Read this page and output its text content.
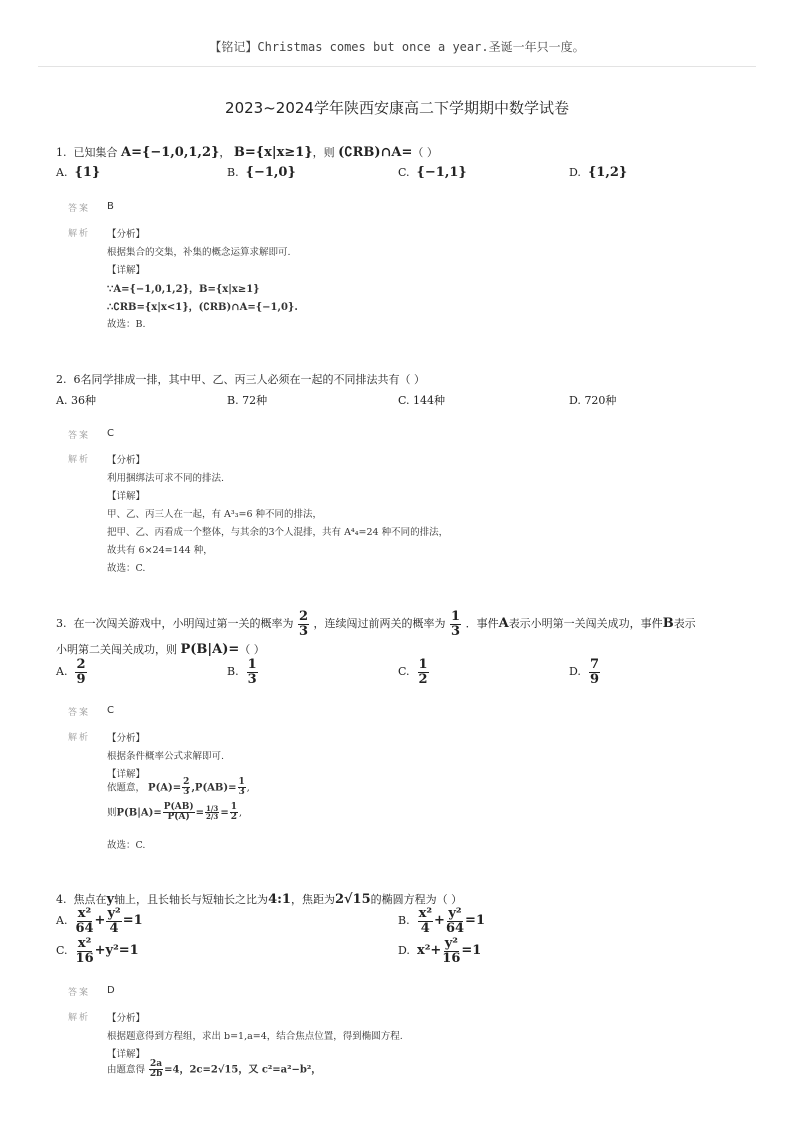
【铭记】Christmas comes but once a year.圣诞一年只一度。
2023~2024学年陕西安康高二下学期期中数学试卷
1. 已知集合 A={−1,0,1,2}， B={x|x≥1}，则 (∁RB)∩A=（ ）
A. {1}	B. {−1,0}	C. {−1,1}	D. {1,2}
答案 B
解析 【分析】
根据集合的交集，补集的概念运算求解即可.
【详解】
∵A={−1,0,1,2}，B={x|x≥1}
∴∁RB={x|x<1}，(∁RB)∩A={−1,0}.
故选：B.
2. 6名同学排成一排，其中甲、乙、丙三人必须在一起的不同排法共有（ ）
A. 36种	B. 72种	C. 144种	D. 720种
答案 C
解析 【分析】
利用捆绑法可求不同的排法.
【详解】
甲、乙、丙三人在一起，有 A³₃=6 种不同的排法，
把甲、乙、丙看成一个整体，与其余的3个人混排，共有 A⁴₄=24 种不同的排法，
故共有 6×24=144 种，
故选：C.
3. 在一次闯关游戏中，小明闯过第一关的概率为 $\frac{2}{3}$ ，连续闯过前两关的概率为 $\frac{1}{3}$ ．事件A表示小明第一关闯关成功，事件B表示
小明第二关闯关成功，则 P(B|A)=（ ）
A. $\frac{2}{9}$	B. $\frac{1}{3}$	C. $\frac{1}{2}$	D. $\frac{7}{9}$
答案 C
解析 【分析】
根据条件概率公式求解即可.
【详解】
依题意， $P(A)= \frac{2}{3} ,P(AB)= \frac{1}{3}$ ,
则$P(B|A)= \frac{P(AB)}{P(A)} = \frac{1/3}{2/3} = \frac{1}{2}$ ,
故选：C.
4. 焦点在y轴上，且长轴长与短轴长之比为4:1，焦距为2√15的椭圆方程为（ ）
A. $\frac{\text{x²}}{64} + \frac{\text{y²}}{4} =1$	B. $\frac{\text{x²}}{4} + \frac{\text{y²}}{64} =1$
C. $\frac{\text{x²}}{16} +y^2=1$	D. $x^2+ \frac{\text{y²}}{16} =1$
答案 D
解析 【分析】
根据题意得到方程组，求出 b=1,a=4，结合焦点位置，得到椭圆方程.
【详解】
由题意得 $\frac{2a}{2b} =4$，2c=2√15，又 c²=a²−b²，
